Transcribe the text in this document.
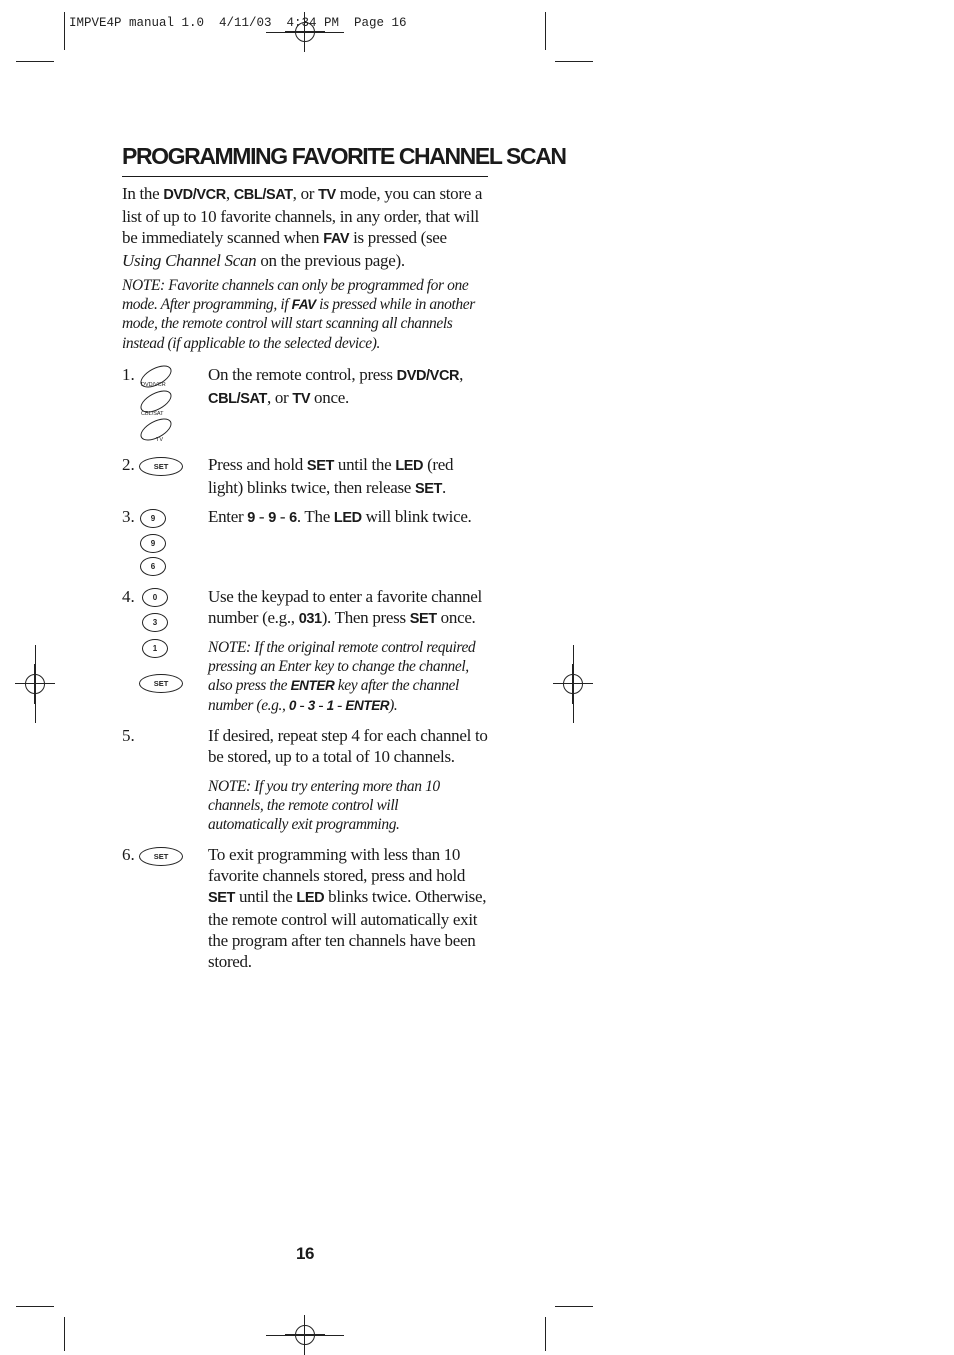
IMPVE4P manual 1.0  4/11/03  4:34 PM  Page 16
PROGRAMMING FAVORITE CHANNEL SCAN

In the DVD/VCR, CBL/SAT, or TV mode, you can store a list of up to 10 favorite channels, in any order, that will be immediately scanned when FAV is pressed (see Using Channel Scan on the previous page).

NOTE: Favorite channels can only be programmed for one mode. After programming, if FAV is pressed while in another mode, the remote control will start scanning all channels instead (if applicable to the selected device).

1.
DVD/VCR
CBL/SAT
TV

On the remote control, press DVD/VCR, CBL/SAT, or TV once.

2.	SET	Press and hold SET until the LED (red light) blinks twice, then release SET.

3.	9
9
6

Enter 9 - 9 - 6. The LED will blink twice.

4.	0
3
1
SET

Use the keypad to enter a favorite channel number (e.g., 031). Then press SET once.

NOTE: If the original remote control required pressing an Enter key to change the channel, also press the ENTER key after the channel number (e.g., 0 - 3 - 1 - ENTER).

5.	If desired, repeat step 4 for each channel to be stored, up to a total of 10 channels.

NOTE: If you try entering more than 10 channels, the remote control will automatically exit programming.

6.	SET	To exit programming with less than 10 favorite channels stored, press and hold SET until the LED blinks twice. Otherwise, the remote control will automatically exit the program after ten channels have been stored.

16
